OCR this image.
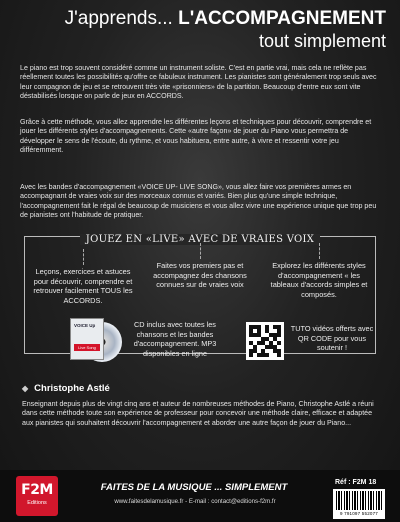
J'apprends... L'ACCOMPAGNEMENT
tout simplement

Le piano est trop souvent considéré comme un instrument soliste. C'est en partie vrai, mais cela ne reflète pas réellement toutes les possibilités qu'offre ce fabuleux instrument. Les pianistes sont généralement trop seuls avec leur compagnon de jeu et se retrouvent très vite «prisonniers» de la partition. Beaucoup d'entre eux sont vite déstabilisés lorsque on parle de jeux en ACCORDS.

Grâce à cette méthode, vous allez apprendre les différentes leçons et techniques pour découvrir, comprendre et jouer les différents styles d'accompagnements. Cette «autre façon» de jouer du Piano vous permettra de développer le sens de l'écoute, du rythme, et vous habituera, entre autre, à vivre et ressentir votre jeu différemment.

Avec les bandes d'accompagnement «VOICE UP- LIVE SONG», vous allez faire vos premières armes en accompagnant de vraies voix sur des morceaux connus et variés. Bien plus qu'une simple technique, l'accompagnement fait le régal de beaucoup de musiciens et vous allez vivre une expérience unique que trop peu de pianistes ont l'habitude de pratiquer.

JOUEZ EN «LIVE» AVEC DE VRAIES VOIX
Leçons, exercices et astuces pour découvrir, comprendre et retrouver facilement TOUS les ACCORDS.
Faites vos premiers pas et accompagnez des chansons connues sur de vraies voix
Explorez les différents styles d'accompagnement « les tableaux d'accords simples et composés.
VOICE Up
Live Song
CD inclus avec toutes les chansons et les bandes d'accompagnement. MP3 disponibles en ligne
TUTO vidéos offerts avec QR CODE pour vous soutenir !
◆ Christophe Astlé

Enseignant depuis plus de vingt cinq ans et auteur de nombreuses méthodes de Piano, Christophe Astlé a réuni dans cette méthode toute son expérience de professeur pour concevoir une méthode claire, efficace et adaptée aux pianistes qui souhaitent découvrir l'accompagnement et aborder une autre façon de jouer du Piano...

F2M
Editions
FAITES DE LA MUSIQUE ... SIMPLEMENT
www.faitesdelamusique.fr - E-mail : contact@editions-f2m.fr
Réf : F2M 18
9 791097 552077
